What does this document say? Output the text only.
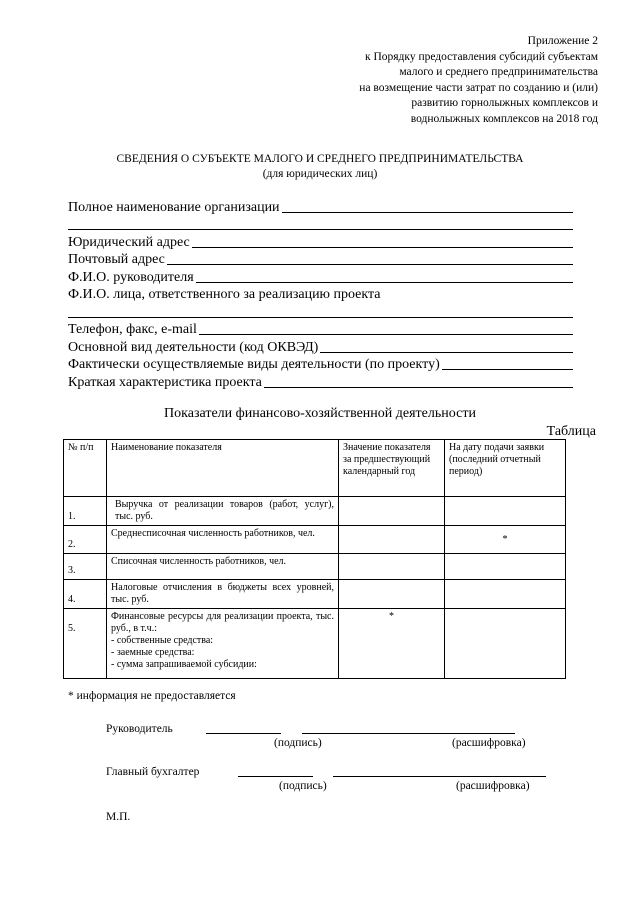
Приложение 2
к Порядку предоставления субсидий субъектам
малого и среднего предпринимательства
на возмещение части затрат по созданию и (или)
развитию горнолыжных комплексов и
воднолыжных комплексов на 2018 год
СВЕДЕНИЯ О СУБЪЕКТЕ МАЛОГО И СРЕДНЕГО ПРЕДПРИНИМАТЕЛЬСТВА
(для юридических лиц)
Полное наименование организации
Юридический адрес
Почтовый адрес
Ф.И.О. руководителя
Ф.И.О. лица, ответственного за реализацию проекта
Телефон, факс, e-mail
Основной вид деятельности (код ОКВЭД)
Фактически осуществляемые виды деятельности (по проекту)
Краткая характеристика проекта
Показатели финансово-хозяйственной деятельности
Таблица
№ п/п	Наименование показателя	Значение показателя за предшествующий календарный год	На дату подачи заявки (последний отчетный период)
1.	Выручка от реализации товаров (работ, услуг), тыс. руб.		

2.	Среднесписочная численность работников, чел.		*
3.	Списочная численность работников, чел.		

4.	Налоговые отчисления в бюджеты всех уровней, тыс. руб.		

5.	Финансовые ресурсы для реализации проекта, тыс. руб., в т.ч.:
- собственные средства:
- заемные средства:
- сумма запрашиваемой субсидии:	*	
* информация не предоставляется
Руководитель
(подпись)	(расшифровка)
Главный бухгалтер
(подпись)	(расшифровка)
М.П.
